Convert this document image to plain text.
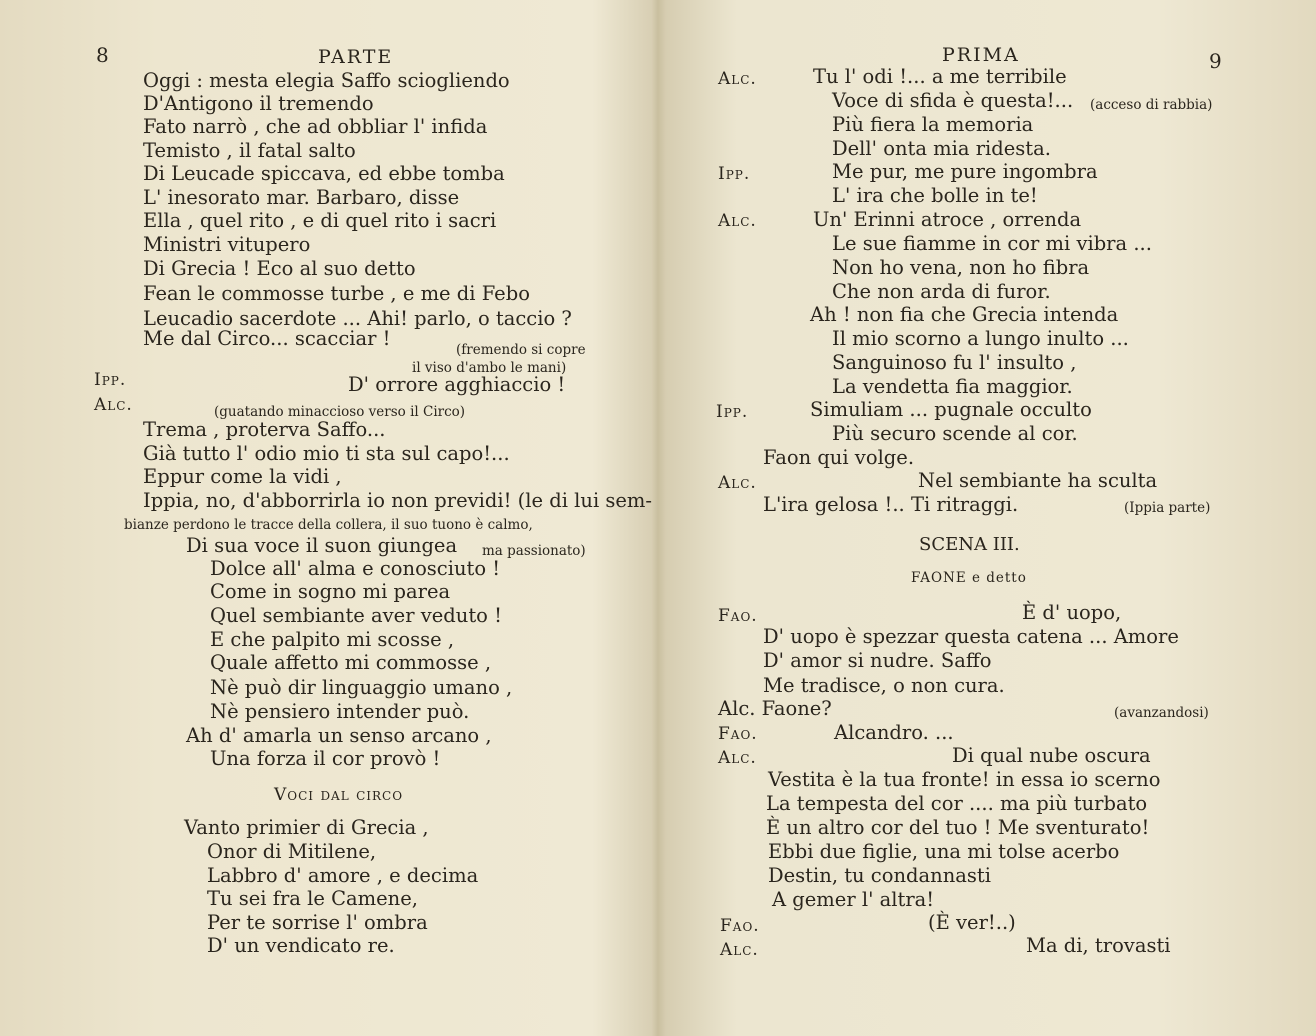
8	PARTE
Oggi : mesta elegia Saffo sciogliendo
D'Antigono il tremendo
Fato narrò , che ad obbliar l' infida
Temisto , il fatal salto
Di Leucade spiccava, ed ebbe tomba
L' inesorato mar. Barbaro, disse
Ella , quel rito , e di quel rito i sacri
Ministri vitupero
Di Grecia ! Eco al suo detto
Fean le commosse turbe , e me di Febo
Leucadio sacerdote ... Ahi! parlo, o taccio ?
Me dal Circo... scacciar !	(fremendo si copre
il viso d'ambo le mani)
Ipp.	D' orrore agghiaccio !
Alc.	(guatando minaccioso verso il Circo)
Trema , proterva Saffo...
Già tutto l' odio mio ti sta sul capo!...
Eppur come la vidi ,
Ippia, no, d'abborrirla io non previdi! (le di lui sem-
bianze perdono le tracce della collera, il suo tuono è calmo,
Di sua voce il suon giungea ma passionato)
Dolce all' alma e conosciuto !
Come in sogno mi parea
Quel sembiante aver veduto !
E che palpito mi scosse ,
Quale affetto mi commosse ,
Nè può dir linguaggio umano ,
Nè pensiero intender può.
Ah d' amarla un senso arcano ,
Una forza il cor provò !
Voci dal circo
Vanto primier di Grecia ,
Onor di Mitilene,
Labbro d' amore , e decima
Tu sei fra le Camene,
Per te sorrise l' ombra
D' un vendicato re.
PRIMA	9
Alc.	Tu l' odi !... a me terribile
Voce di sfida è questa!... (acceso di rabbia)
Più fiera la memoria
Dell' onta mia ridesta.
Ipp.	Me pur, me pure ingombra
L' ira che bolle in te!
Alc.	Un' Erinni atroce , orrenda
Le sue fiamme in cor mi vibra ...
Non ho vena, non ho fibra
Che non arda di furor.
Ah ! non fia che Grecia intenda
Il mio scorno a lungo inulto ...
Sanguinoso fu l' insulto ,
La vendetta fia maggior.
Ipp.	Simuliam ... pugnale occulto
Più securo scende al cor.
Faon qui volge.
Alc.	Nel sembiante ha sculta
L'ira gelosa !.. Ti ritraggi.	(Ippia parte)
SCENA III.
FAONE e detto
Fao.	È d' uopo,
D' uopo è spezzar questa catena ... Amore
D' amor si nudre. Saffo
Me tradisce, o non cura.
Alc. Faone?	(avanzandosi)
Fao.	Alcandro. ...
Alc.	Di qual nube oscura
Vestita è la tua fronte! in essa io scerno
La tempesta del cor .... ma più turbato
È un altro cor del tuo ! Me sventurato!
Ebbi due figlie, una mi tolse acerbo
Destin, tu condannasti
A gemer l' altra!
Fao.	(È ver!..)
Alc.	Ma di, trovasti
